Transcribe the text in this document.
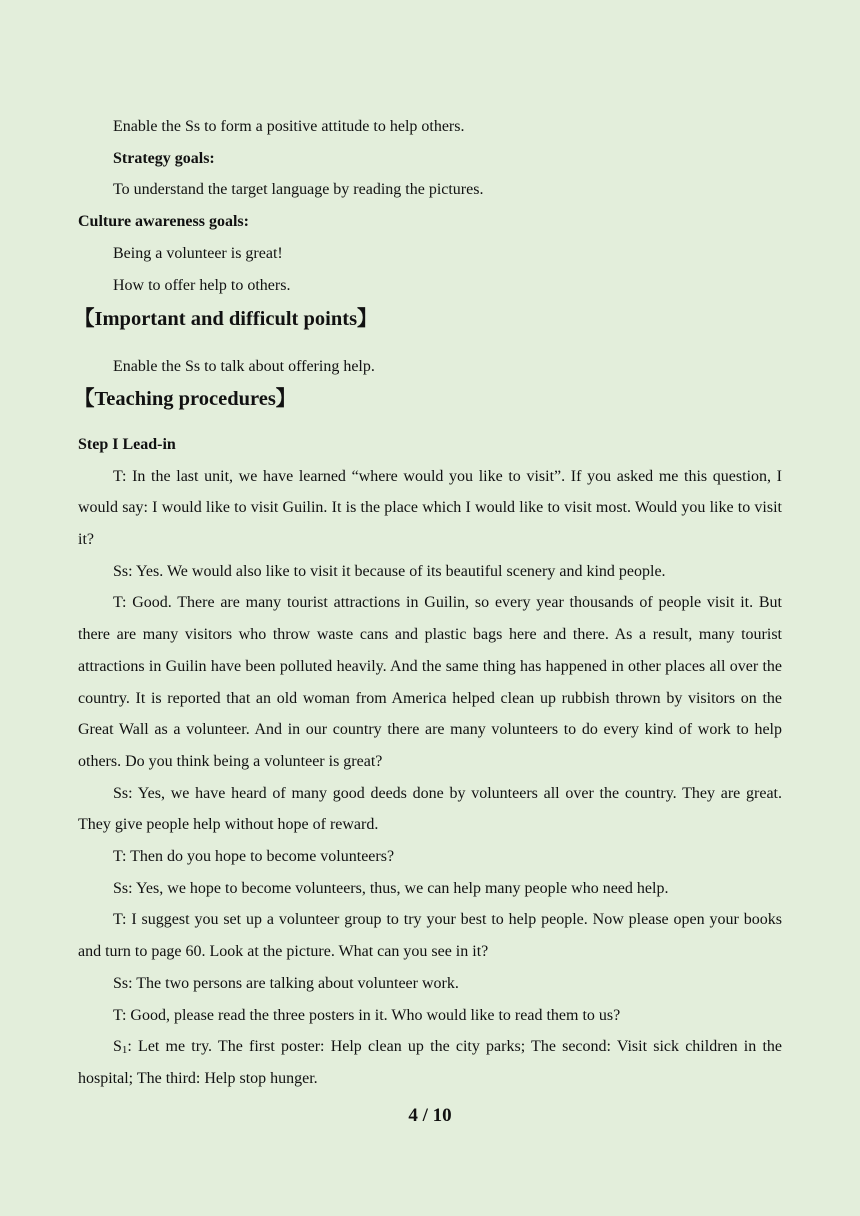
Enable the Ss to form a positive attitude to help others.

Strategy goals:

To understand the target language by reading the pictures.

Culture awareness goals:

Being a volunteer is great!

How to offer help to others.

【Important and difficult points】

Enable the Ss to talk about offering help.

【Teaching procedures】

Step I Lead-in

T: In the last unit, we have learned “where would you like to visit”. If you asked me this question, I would say: I would like to visit Guilin. It is the place which I would like to visit most. Would you like to visit it?

Ss: Yes. We would also like to visit it because of its beautiful scenery and kind people.

T: Good. There are many tourist attractions in Guilin, so every year thousands of people visit it. But there are many visitors who throw waste cans and plastic bags here and there. As a result, many tourist attractions in Guilin have been polluted heavily. And the same thing has happened in other places all over the country. It is reported that an old woman from America helped clean up rubbish thrown by visitors on the Great Wall as a volunteer. And in our country there are many volunteers to do every kind of work to help others. Do you think being a volunteer is great?

Ss: Yes, we have heard of many good deeds done by volunteers all over the country. They are great. They give people help without hope of reward.

T: Then do you hope to become volunteers?

Ss: Yes, we hope to become volunteers, thus, we can help many people who need help.

T: I suggest you set up a volunteer group to try your best to help people. Now please open your books and turn to page 60. Look at the picture. What can you see in it?

Ss: The two persons are talking about volunteer work.

T: Good, please read the three posters in it. Who would like to read them to us?

$S_1$: Let me try. The first poster: Help clean up the city parks; The second: Visit sick children in the hospital; The third: Help stop hunger.

4 / 10
